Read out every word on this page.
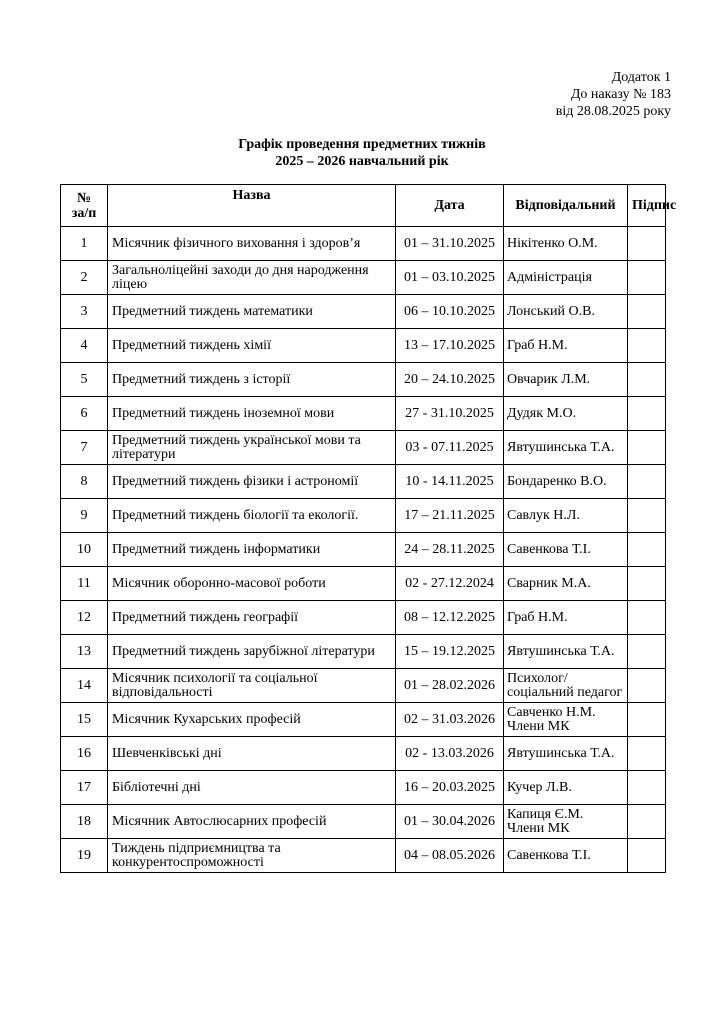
Додаток 1
До наказу № 183
від 28.08.2025 року
Графік проведення предметних тижнів
2025 – 2026 навчальний рік
№
за/п	Назва	Дата	Відповідальний	Підпис
1	Місячник фізичного виховання і здоров’я	01 – 31.10.2025	Нікітенко О.М.	
2	Загальноліцейні заходи до дня народження ліцею	01 – 03.10.2025	Адміністрація	
3	Предметний тиждень математики	06 – 10.10.2025	Лонський О.В.	
4	Предметний тиждень хімії	13 – 17.10.2025	Граб Н.М.	
5	Предметний тиждень з історії	20 – 24.10.2025	Овчарик Л.М.	
6	Предметний тиждень іноземної мови	27 - 31.10.2025	Дудяк М.О.	
7	Предметний тиждень української мови та літератури	03 - 07.11.2025	Явтушинська Т.А.	
8	Предметний тиждень фізики і астрономії	10 - 14.11.2025	Бондаренко В.О.	
9	Предметний тиждень біології та екології.	17 – 21.11.2025	Савлук Н.Л.	
10	Предметний тиждень інформатики	24 – 28.11.2025	Савенкова Т.І.	
11	Місячник оборонно-масової роботи	02 - 27.12.2024	Сварник М.А.	
12	Предметний тиждень географії	08 – 12.12.2025	Граб Н.М.	
13	Предметний тиждень зарубіжної літератури	15 – 19.12.2025	Явтушинська Т.А.	
14	Місячник психології та соціальної відповідальності	01 – 28.02.2026	Психолог/соціальний педагог	
15	Місячник Кухарських професій	02 – 31.03.2026	Савченко Н.М. Члени МК	
16	Шевченківські дні	02 - 13.03.2026	Явтушинська Т.А.	
17	Бібліотечні дні	16 – 20.03.2025	Кучер Л.В.	
18	Місячник Автослюсарних професій	01 – 30.04.2026	Капиця Є.М. Члени МК	
19	Тиждень підприємництва та конкурентоспроможності	04 – 08.05.2026	Савенкова Т.І.	
